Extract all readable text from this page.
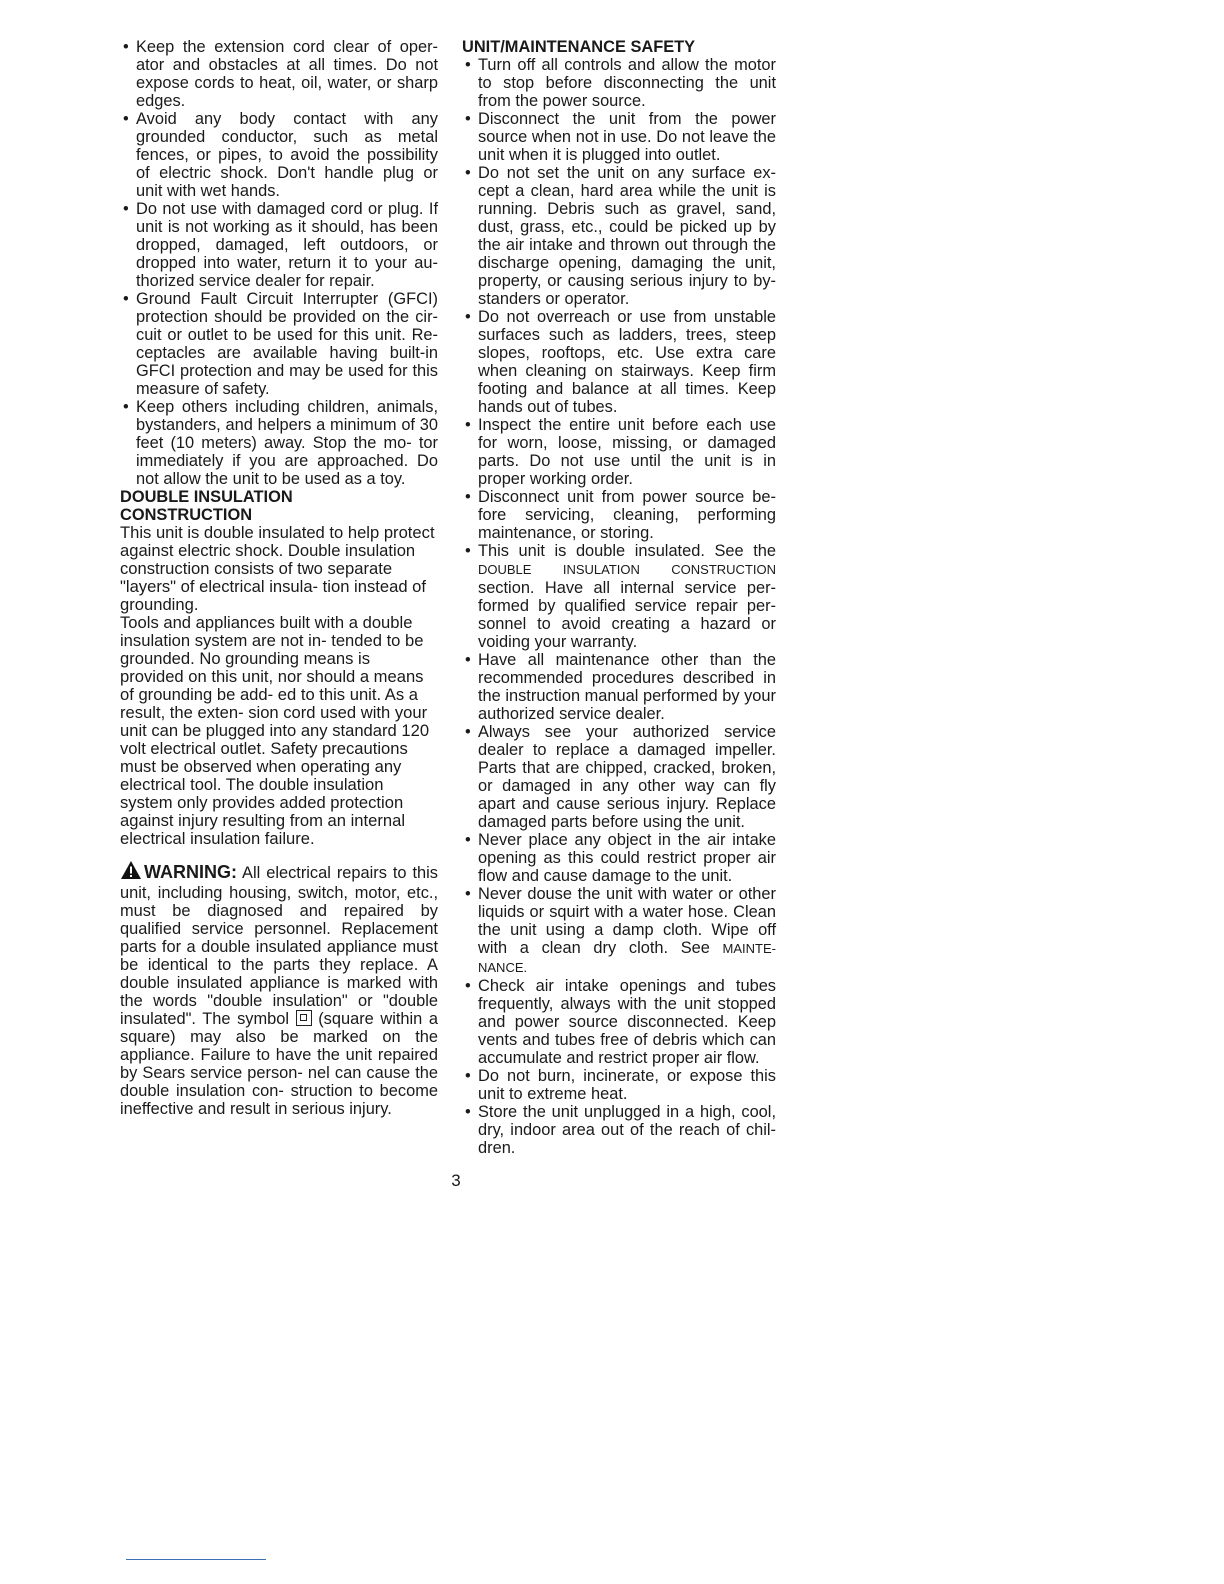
• Keep the extension cord clear of oper- ator and obstacles at all times. Do not expose cords to heat, oil, water, or sharp edges.
• Avoid any body contact with any grounded conductor, such as metal fences, or pipes, to avoid the possibility of electric shock. Don't handle plug or unit with wet hands.
• Do not use with damaged cord or plug. If unit is not working as it should, has been dropped, damaged, left outdoors, or dropped into water, return it to your au- thorized service dealer for repair.
• Ground Fault Circuit Interrupter (GFCI) protection should be provided on the cir- cuit or outlet to be used for this unit. Re- ceptacles are available having built-in GFCI protection and may be used for this measure of safety.
• Keep others including children, animals, bystanders, and helpers a minimum of 30 feet (10 meters) away. Stop the mo- tor immediately if you are approached. Do not allow the unit to be used as a toy.
DOUBLE INSULATION
CONSTRUCTION

This unit is double insulated to help protect against electric shock. Double insulation construction consists of two separate "layers" of electrical insula- tion instead of grounding.

Tools and appliances built with a double insulation system are not in- tended to be grounded. No grounding means is provided on this unit, nor should a means of grounding be add- ed to this unit. As a result, the exten- sion cord used with your unit can be plugged into any standard 120 volt electrical outlet. Safety precautions must be observed when operating any electrical tool. The double insulation system only provides added protection against injury resulting from an internal electrical insulation failure.

WARNING: All electrical repairs to this unit, including housing, switch, motor, etc., must be diagnosed and repaired by qualified service personnel. Replacement parts for a double insulated appliance must be identical to the parts they replace. A double insulated appliance is marked with the words "double insulation" or "double insulated". The symbol (square within a square) may also be marked on the appliance. Failure to have the unit repaired by Sears service person- nel can cause the double insulation con- struction to become ineffective and result in serious injury.
UNIT/MAINTENANCE SAFETY
• Turn off all controls and allow the motor to stop before disconnecting the unit from the power source.
• Disconnect the unit from the power source when not in use. Do not leave the unit when it is plugged into outlet.
• Do not set the unit on any surface ex- cept a clean, hard area while the unit is running. Debris such as gravel, sand, dust, grass, etc., could be picked up by the air intake and thrown out through the discharge opening, damaging the unit, property, or causing serious injury to by- standers or operator.
• Do not overreach or use from unstable surfaces such as ladders, trees, steep slopes, rooftops, etc. Use extra care when cleaning on stairways. Keep firm footing and balance at all times. Keep hands out of tubes.
• Inspect the entire unit before each use for worn, loose, missing, or damaged parts. Do not use until the unit is in proper working order.
• Disconnect unit from power source be- fore servicing, cleaning, performing maintenance, or storing.
• This unit is double insulated. See the DOUBLE INSULATION CONSTRUCTION section. Have all internal service per- formed by qualified service repair per- sonnel to avoid creating a hazard or voiding your warranty.
• Have all maintenance other than the recommended procedures described in the instruction manual performed by your authorized service dealer.
• Always see your authorized service dealer to replace a damaged impeller. Parts that are chipped, cracked, broken, or damaged in any other way can fly apart and cause serious injury. Replace damaged parts before using the unit.
• Never place any object in the air intake opening as this could restrict proper air flow and cause damage to the unit.
• Never douse the unit with water or other liquids or squirt with a water hose. Clean the unit using a damp cloth. Wipe off with a clean dry cloth. See MAINTE- NANCE.
• Check air intake openings and tubes frequently, always with the unit stopped and power source disconnected. Keep vents and tubes free of debris which can accumulate and restrict proper air flow.
• Do not burn, incinerate, or expose this unit to extreme heat.
• Store the unit unplugged in a high, cool, dry, indoor area out of the reach of chil- dren.
3
